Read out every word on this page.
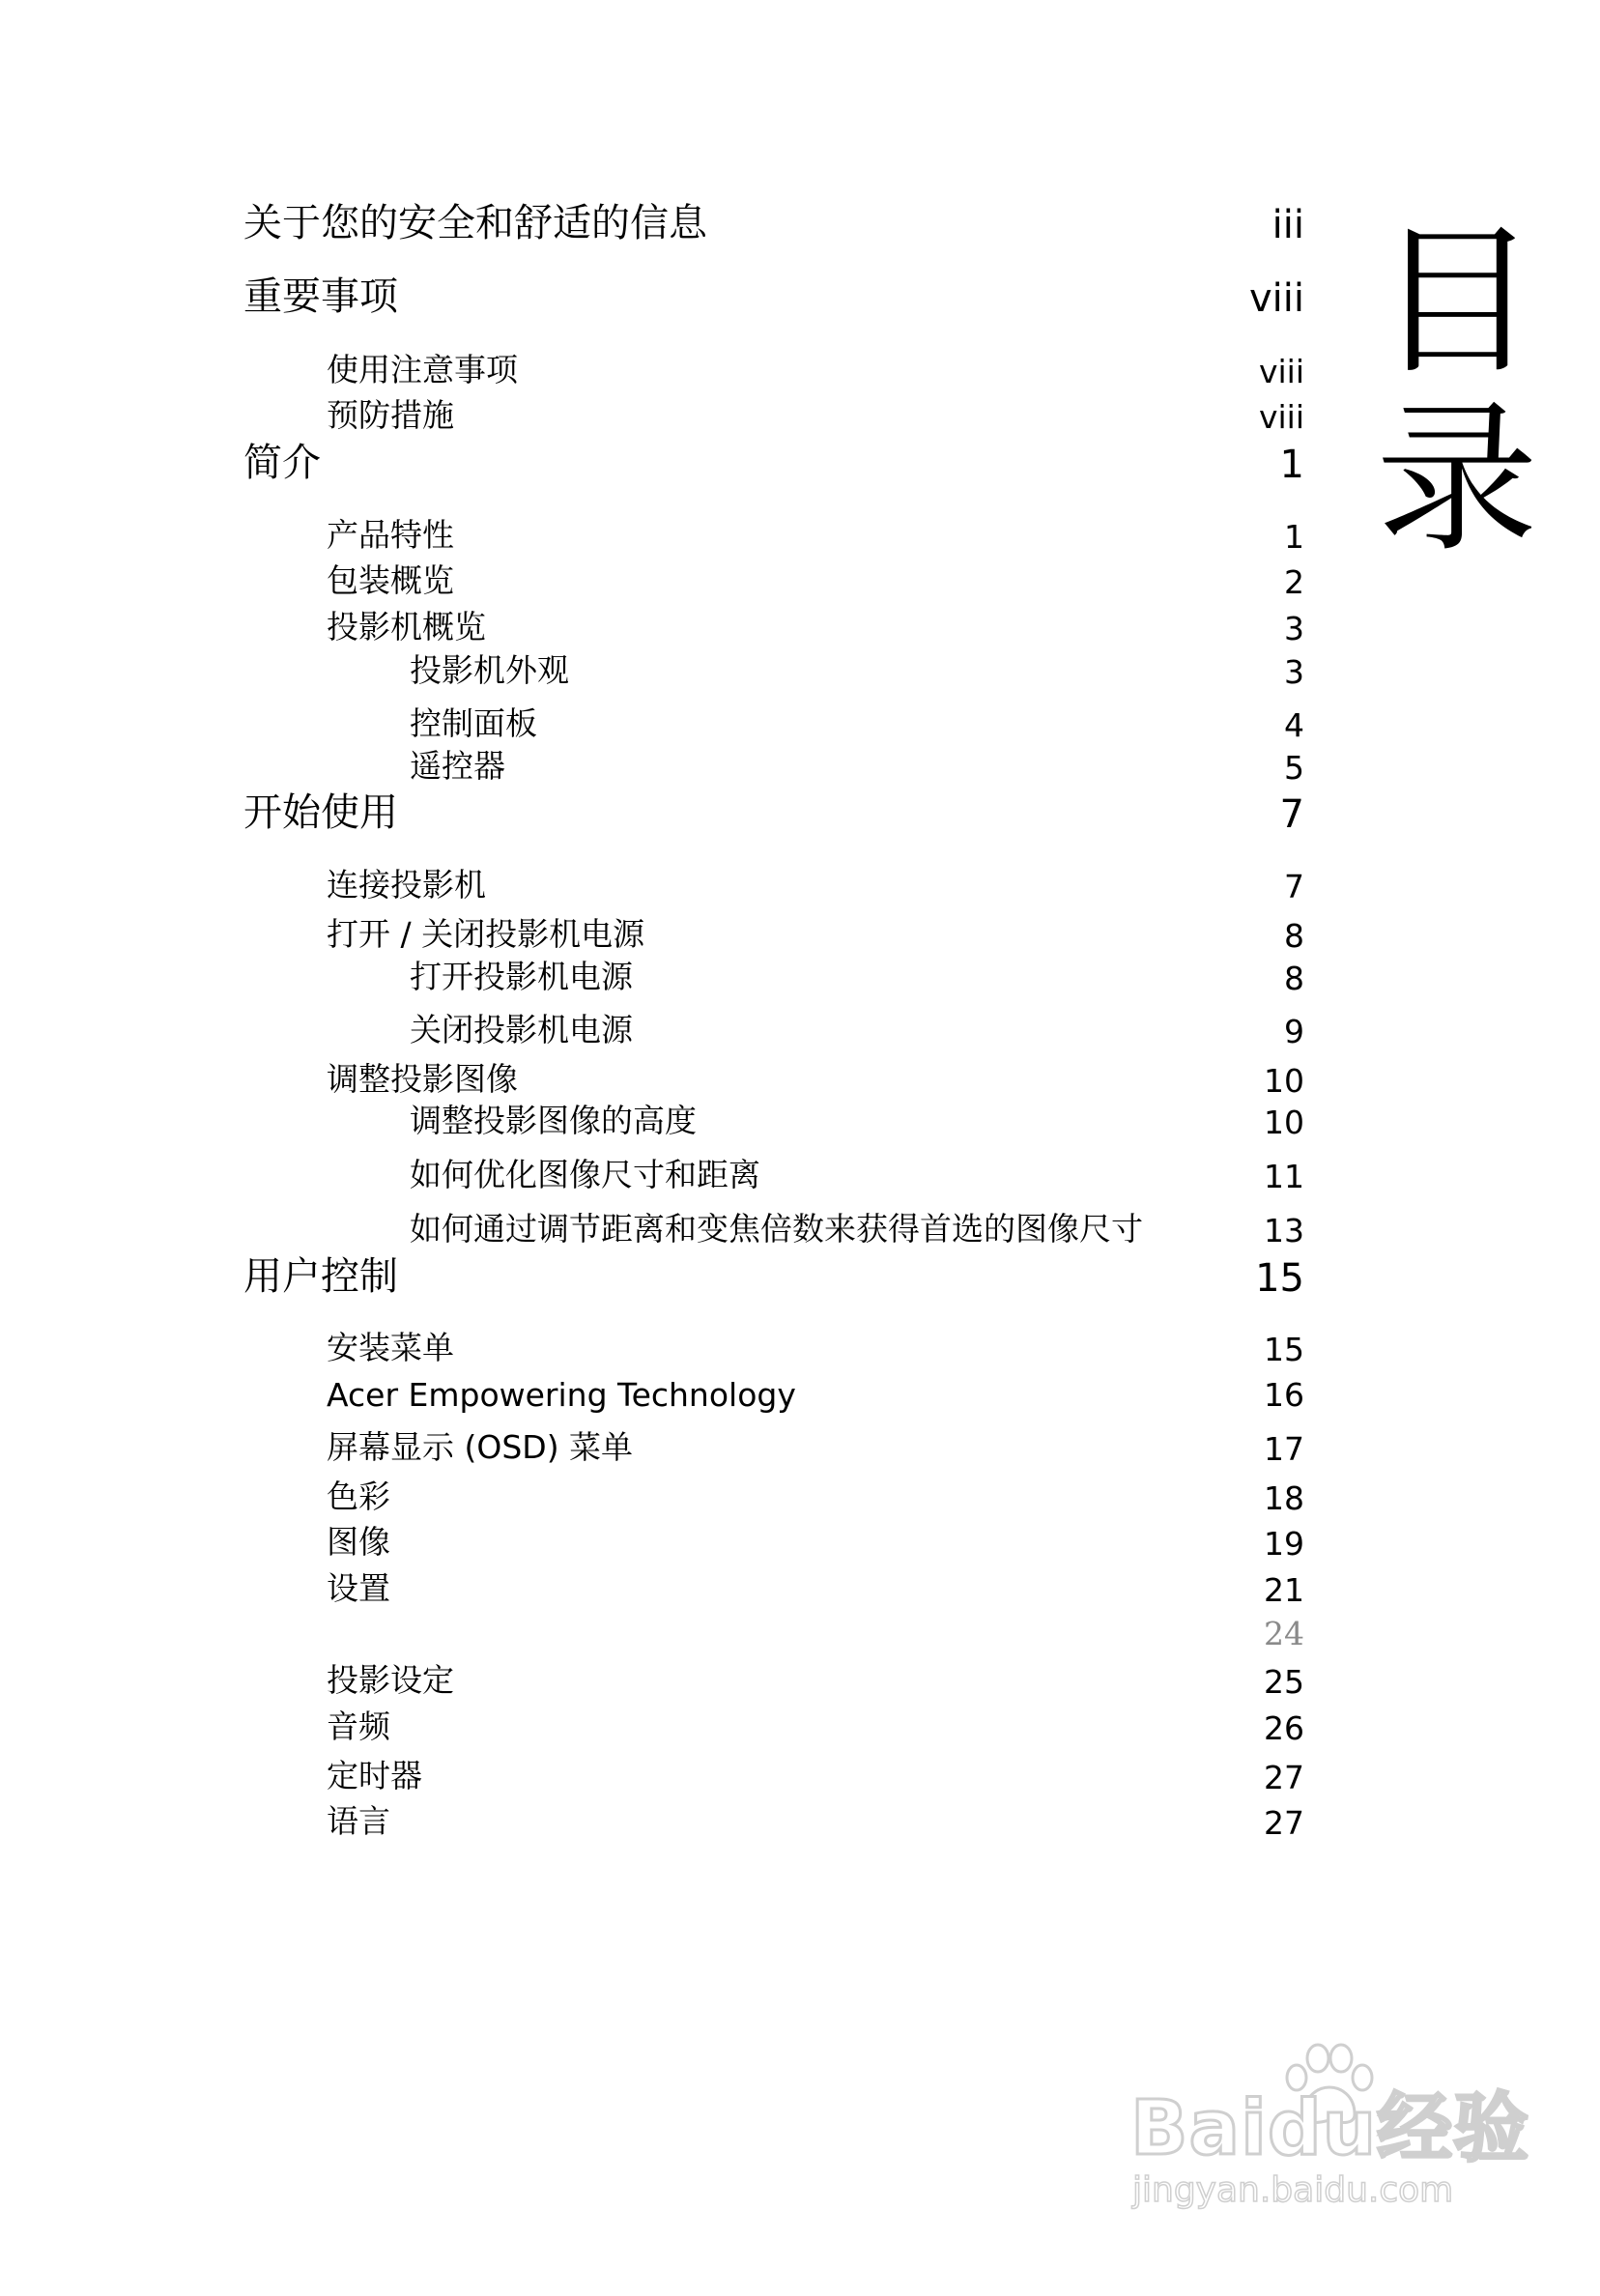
关于您的安全和舒适的信息	iii
重要事项	viii
使用注意事项	viii
预防措施	viii
简介	1
产品特性	1
包装概览	2
投影机概览	3
投影机外观	3
控制面板	4
遥控器	5
开始使用	7
连接投影机	7
打开 / 关闭投影机电源	8
打开投影机电源	8
关闭投影机电源	9
调整投影图像	10
调整投影图像的高度	10
如何优化图像尺寸和距离	11
如何通过调节距离和变焦倍数来获得首选的图像尺寸	13
用户控制	15
安装菜单	15
Acer Empowering Technology	16
屏幕显示 (OSD) 菜单	17
色彩	18
图像	19
设置	21
24
投影设定	25
音频	26
定时器	27
语言	27
目
录
Baidu经验
jingyan.baidu.com
